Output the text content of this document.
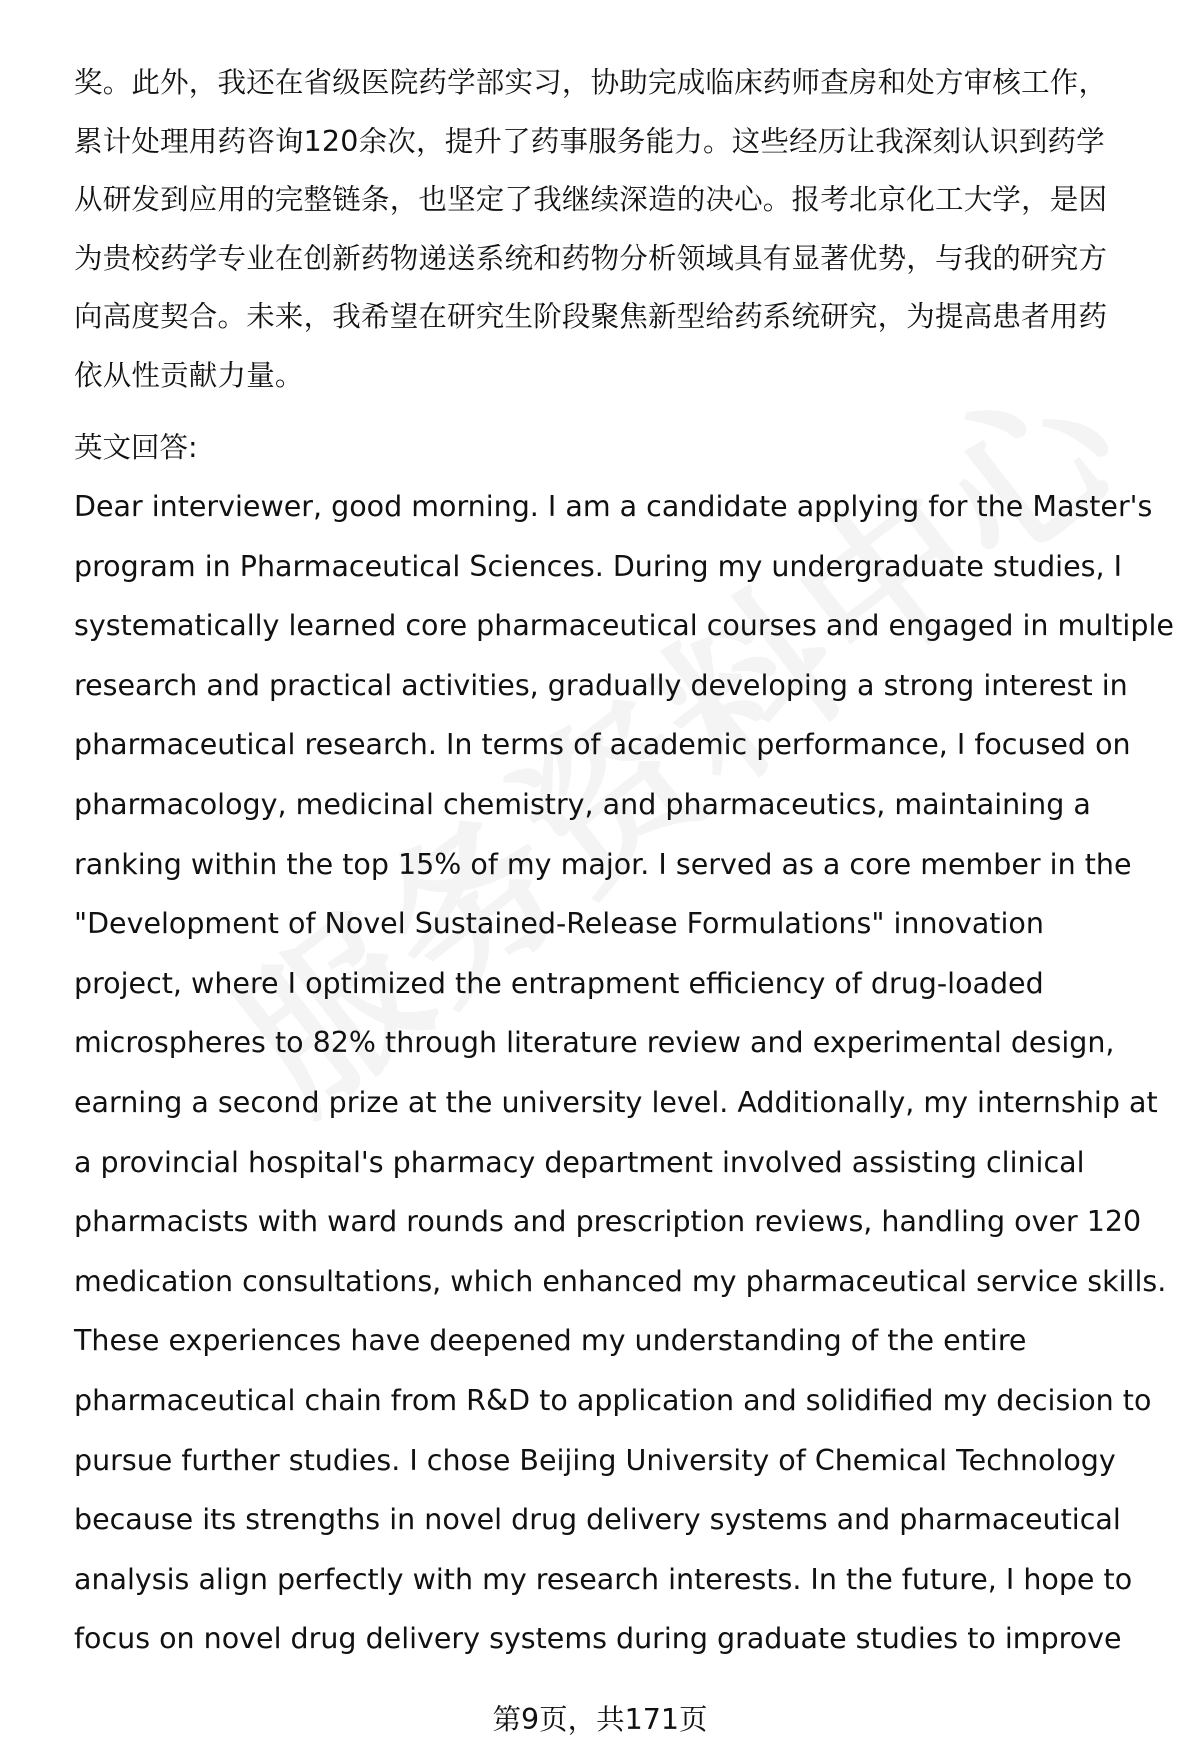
奖。此外，我还在省级医院药学部实习，协助完成临床药师查房和处方审核工作，
累计处理用药咨询120余次，提升了药事服务能力。这些经历让我深刻认识到药学
从研发到应用的完整链条，也坚定了我继续深造的决心。报考北京化工大学，是因
为贵校药学专业在创新药物递送系统和药物分析领域具有显著优势，与我的研究方
向高度契合。未来，我希望在研究生阶段聚焦新型给药系统研究，为提高患者用药
依从性贡献力量。
英文回答:
Dear interviewer, good morning. I am a candidate applying for the Master's
program in Pharmaceutical Sciences. During my undergraduate studies, I
systematically learned core pharmaceutical courses and engaged in multiple
research and practical activities, gradually developing a strong interest in
pharmaceutical research. In terms of academic performance, I focused on
pharmacology, medicinal chemistry, and pharmaceutics, maintaining a
ranking within the top 15% of my major. I served as a core member in the
"Development of Novel Sustained-Release Formulations" innovation
project, where I optimized the entrapment efficiency of drug-loaded
microspheres to 82% through literature review and experimental design,
earning a second prize at the university level. Additionally, my internship at
a provincial hospital's pharmacy department involved assisting clinical
pharmacists with ward rounds and prescription reviews, handling over 120
medication consultations, which enhanced my pharmaceutical service skills.
These experiences have deepened my understanding of the entire
pharmaceutical chain from R&D to application and solidified my decision to
pursue further studies. I chose Beijing University of Chemical Technology
because its strengths in novel drug delivery systems and pharmaceutical
analysis align perfectly with my research interests. In the future, I hope to
focus on novel drug delivery systems during graduate studies to improve
第9页，共171页
